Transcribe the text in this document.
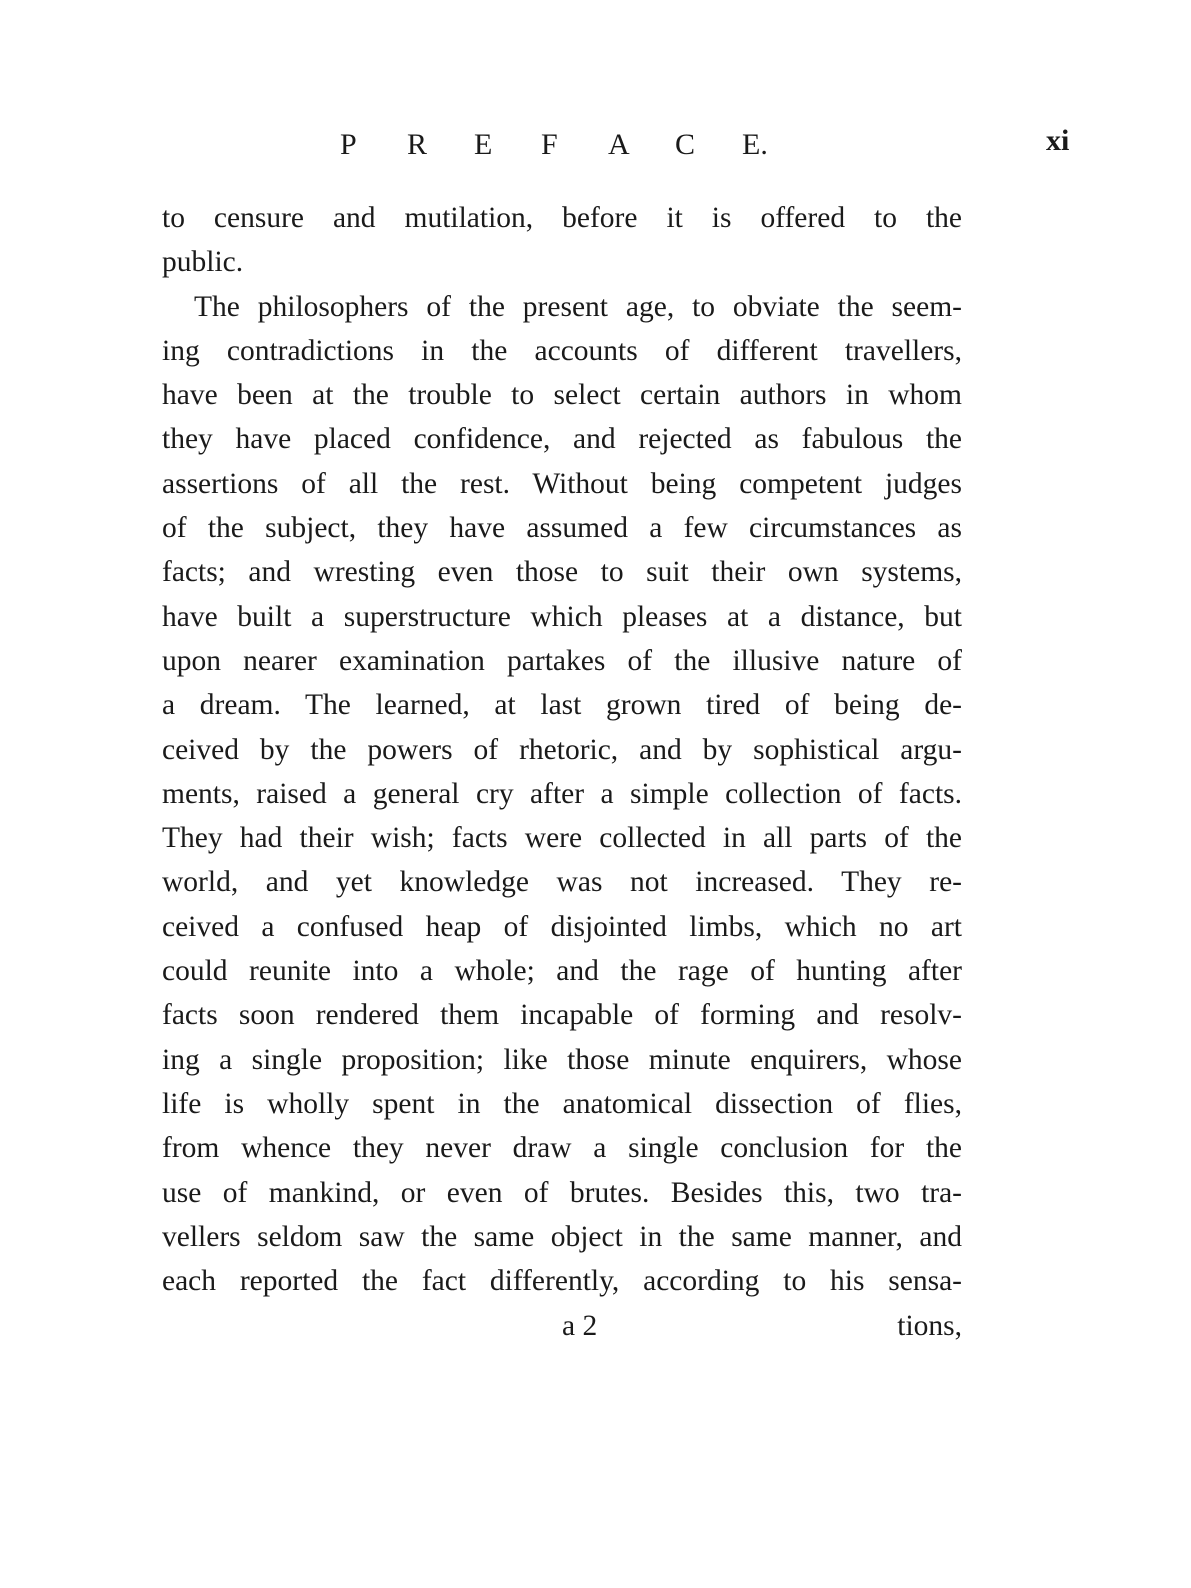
P R E F A C E.	xi
to censure and mutilation, before it is offered to the
public.
The philosophers of the present age, to obviate the seem-
ing contradictions in the accounts of different travellers,
have been at the trouble to select certain authors in whom
they have placed confidence, and rejected as fabulous the
assertions of all the rest. Without being competent judges
of the subject, they have assumed a few circumstances as
facts; and wresting even those to suit their own systems,
have built a superstructure which pleases at a distance, but
upon nearer examination partakes of the illusive nature of
a dream. The learned, at last grown tired of being de-
ceived by the powers of rhetoric, and by sophistical argu-
ments, raised a general cry after a simple collection of facts.
They had their wish; facts were collected in all parts of the
world, and yet knowledge was not increased. They re-
ceived a confused heap of disjointed limbs, which no art
could reunite into a whole; and the rage of hunting after
facts soon rendered them incapable of forming and resolv-
ing a single proposition; like those minute enquirers, whose
life is wholly spent in the anatomical dissection of flies,
from whence they never draw a single conclusion for the
use of mankind, or even of brutes. Besides this, two tra-
vellers seldom saw the same object in the same manner, and
each reported the fact differently, according to his sensa-
a 2	tions,
